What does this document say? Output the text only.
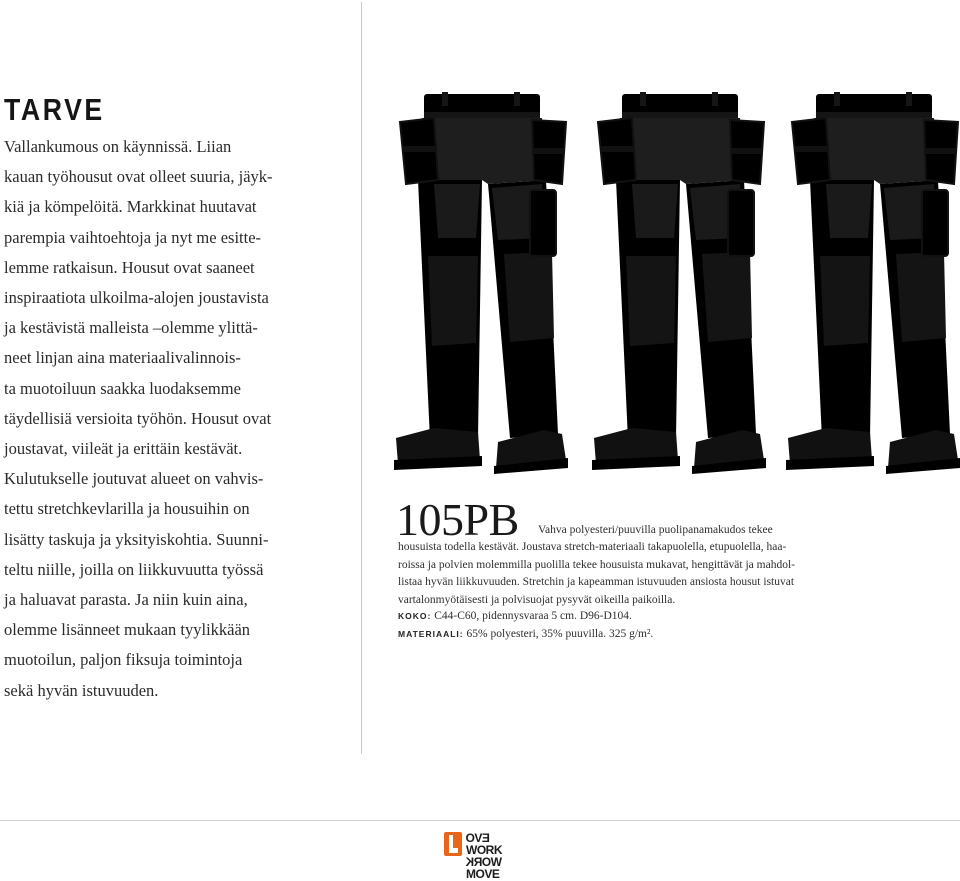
TARVE
Vallankumous on käynnissä. Liian
kauan työhousut ovat olleet suuria, jäyk-
kiä ja kömpelöitä. Markkinat huutavat
parempia vaihtoehtoja ja nyt me esitte-
lemme ratkaisun. Housut ovat saaneet
inspiraatiota ulkoilma-alojen joustavista
ja kestävistä malleista –olemme ylittä-
neet linjan aina materiaalivalinnois-
ta muotoiluun saakka luodaksemme
täydellisiä versioita työhön. Housut ovat
joustavat, viileät ja erittäin kestävät.
Kulutukselle joutuvat alueet on vahvis-
tettu stretchkevlarilla ja housuihin on
lisätty taskuja ja yksityiskohtia. Suunni-
teltu niille, joilla on liikkuvuutta työssä
ja haluavat parasta. Ja niin kuin aina,
olemme lisänneet mukaan tyylikkään
muotoilun, paljon fiksuja toimintoja
sekä hyvän istuvuuden.

105PB Vahva polyesteri/puuvilla puolipanamakudos tekee

housuista todella kestävät. Joustava stretch-materiaali takapuolella, etupuolella, haa-
roissa ja polvien molemmilla puolilla tekee housuista mukavat, hengittävät ja mahdol-
listaa hyvän liikkuvuuden. Stretchin ja kapeamman istuvuuden ansiosta housut istuvat
vartalonmyötäisesti ja polvisuojat pysyvät oikeilla paikoilla.

KOKO: C44-C60, pidennysvaraa 5 cm. D96-D104.

MATERIAALI: 65% polyesteri, 35% puuvilla. 325 g/m².

EVO
WORK
WORK
MOVE
